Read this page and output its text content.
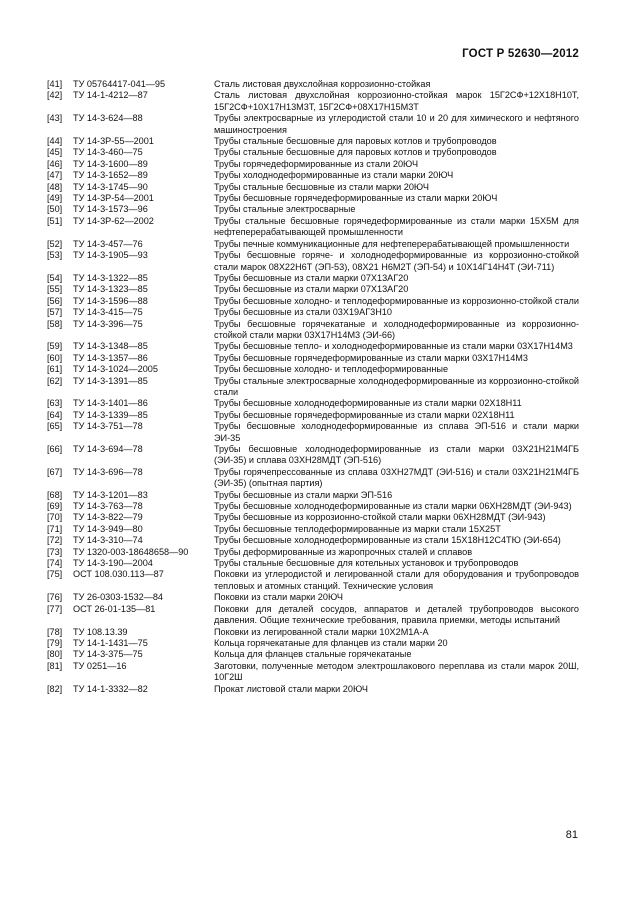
ГОСТ Р 52630—2012
[41]	ТУ 05764417-041—95	Сталь листовая двухслойная коррозионно-стойкая
[42]	ТУ 14-1-4212—87	Сталь листовая двухслойная коррозионно-стойкая марок 15Г2СФ+12Х18Н10Т, 15Г2СФ+10Х17Н13М3Т, 15Г2СФ+08Х17Н15М3Т
[43]	ТУ 14-3-624—88	Трубы электросварные из углеродистой стали 10 и 20 для химического и нефтяного машиностроения
[44]	ТУ 14-3Р-55—2001	Трубы стальные бесшовные для паровых котлов и трубопроводов
[45]	ТУ 14-3-460—75	Трубы стальные бесшовные для паровых котлов и трубопроводов
[46]	ТУ 14-3-1600—89	Трубы горячедеформированные из стали 20ЮЧ
[47]	ТУ 14-3-1652—89	Трубы холоднодеформированные из стали марки 20ЮЧ
[48]	ТУ 14-3-1745—90	Трубы стальные бесшовные из стали марки 20ЮЧ
[49]	ТУ 14-3Р-54—2001	Трубы бесшовные горячедеформированные из стали марки 20ЮЧ
[50]	ТУ 14-3-1573—96	Трубы стальные электросварные
[51]	ТУ 14-3Р-62—2002	Трубы стальные бесшовные горячедеформированные из стали марки 15Х5М для нефтеперерабатывающей промышленности
[52]	ТУ 14-3-457—76	Трубы печные коммуникационные для нефтеперерабатывающей промышленности
[53]	ТУ 14-3-1905—93	Трубы бесшовные горяче- и холоднодеформированные из коррозионно-стойкой стали марок 08Х22Н6Т (ЭП-53), 08Х21 Н6М2Т (ЭП-54) и 10Х14Г14Н4Т (ЭИ-711)
[54]	ТУ 14-3-1322—85	Трубы бесшовные из стали марки 07Х13АГ20
[55]	ТУ 14-3-1323—85	Трубы бесшовные из стали марки 07Х13АГ20
[56]	ТУ 14-3-1596—88	Трубы бесшовные холодно- и теплодеформированные из коррозионно-стойкой стали
[57]	ТУ 14-3-415—75	Трубы бесшовные из стали 03Х19АГ3Н10
[58]	ТУ 14-3-396—75	Трубы бесшовные горячекатаные и холоднодеформированные из коррозионно-стойкой стали марки 03Х17Н14М3 (ЭИ-66)
[59]	ТУ 14-3-1348—85	Трубы бесшовные тепло- и холоднодеформированные из стали марки 03Х17Н14М3
[60]	ТУ 14-3-1357—86	Трубы бесшовные горячедеформированные из стали марки 03Х17Н14М3
[61]	ТУ 14-3-1024—2005	Трубы бесшовные холодно- и теплодеформированные
[62]	ТУ 14-3-1391—85	Трубы стальные электросварные холоднодеформированные из коррозионно-стойкой стали
[63]	ТУ 14-3-1401—86	Трубы бесшовные холоднодеформированные из стали марки 02Х18Н11
[64]	ТУ 14-3-1339—85	Трубы бесшовные горячедеформированные из стали марки 02Х18Н11
[65]	ТУ 14-3-751—78	Трубы бесшовные холоднодеформированные из сплава ЭП-516 и стали марки ЭИ-35
[66]	ТУ 14-3-694—78	Трубы бесшовные холоднодеформированные из стали марки 03Х21Н21М4ГБ (ЭИ-35) и сплава 03ХН28МДТ (ЭП-516)
[67]	ТУ 14-3-696—78	Трубы горячепрессованные из сплава 03ХН27МДТ (ЭИ-516) и стали 03Х21Н21М4ГБ (ЭИ-35) (опытная партия)
[68]	ТУ 14-3-1201—83	Трубы бесшовные из стали марки ЭП-516
[69]	ТУ 14-3-763—78	Трубы бесшовные холоднодеформированные из стали марки 06ХН28МДТ (ЭИ-943)
[70]	ТУ 14-3-822—79	Трубы бесшовные из коррозионно-стойкой стали марки 06ХН28МДТ (ЭИ-943)
[71]	ТУ 14-3-949—80	Трубы бесшовные теплодеформированные из марки стали 15Х25Т
[72]	ТУ 14-3-310—74	Трубы бесшовные холоднодеформированные из стали 15Х18Н12С4ТЮ (ЭИ-654)
[73]	ТУ 1320-003-18648658—90	Трубы деформированные из жаропрочных сталей и сплавов
[74]	ТУ 14-3-190—2004	Трубы стальные бесшовные для котельных установок и трубопроводов
[75]	ОСТ 108.030.113—87	Поковки из углеродистой и легированной стали для оборудования и трубопроводов тепловых и атомных станций. Технические условия
[76]	ТУ 26-0303-1532—84	Поковки из стали марки 20ЮЧ
[77]	ОСТ 26-01-135—81	Поковки для деталей сосудов, аппаратов и деталей трубопроводов высокого давления. Общие технические требования, правила приемки, методы испытаний
[78]	ТУ 108.13.39	Поковки из легированной стали марки 10Х2М1А-А
[79]	ТУ 14-1-1431—75	Кольца горячекатаные для фланцев из стали марки 20
[80]	ТУ 14-3-375—75	Кольца для фланцев стальные горячекатаные
[81]	ТУ 0251—16	Заготовки, полученные методом электрошлакового переплава из стали марок 20Ш, 10Г2Ш
[82]	ТУ 14-1-3332—82	Прокат листовой стали марки 20ЮЧ
81
